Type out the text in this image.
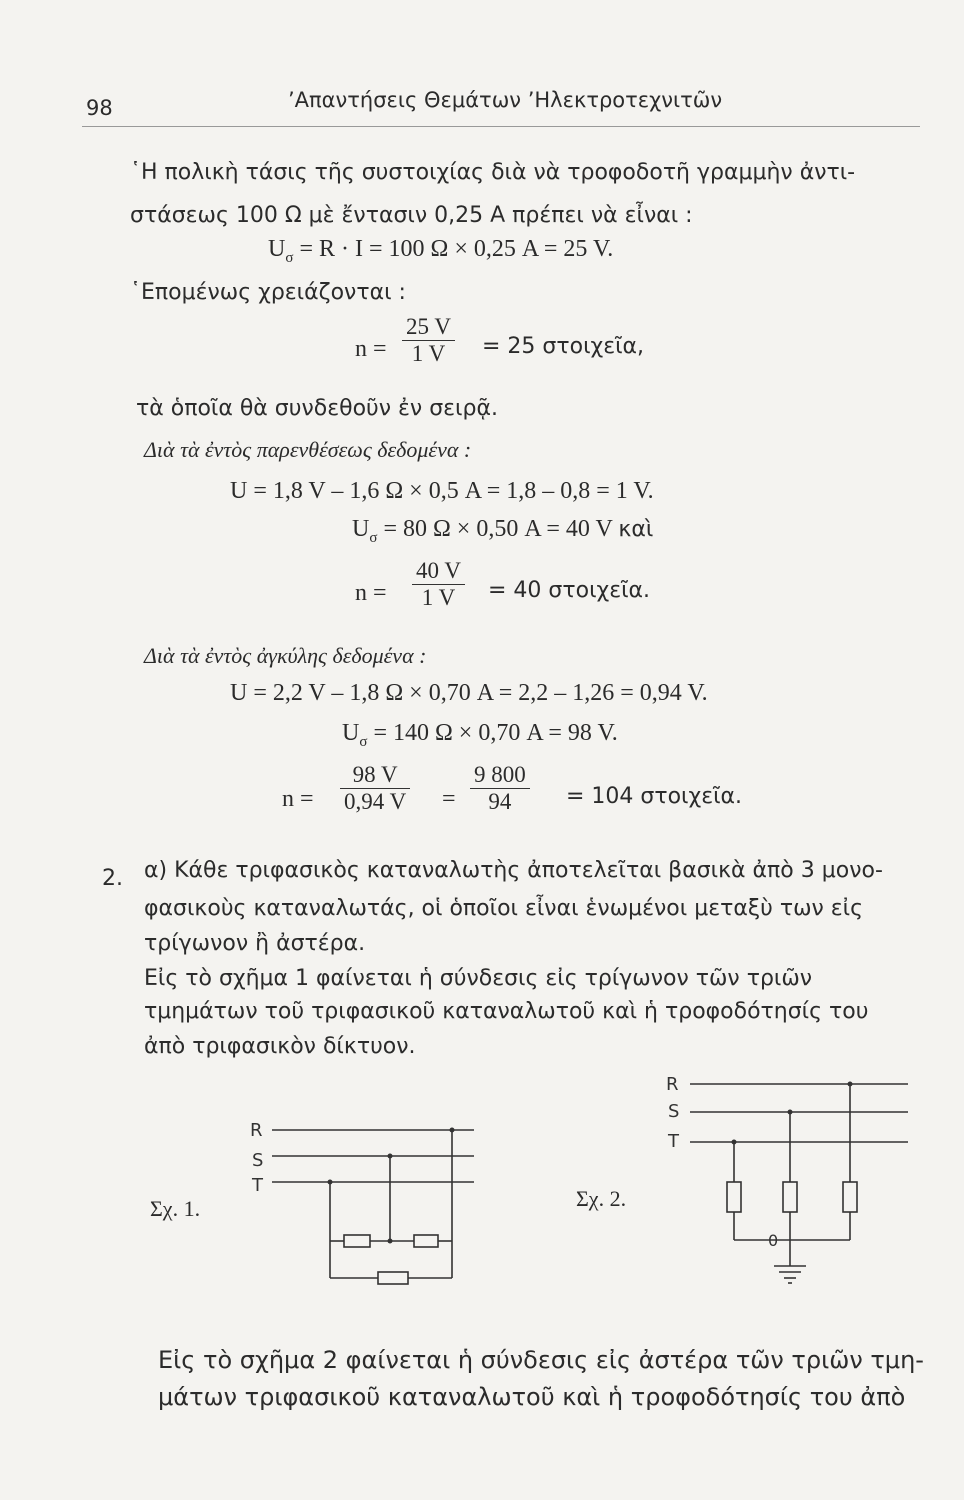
98	’Απαντήσεις Θεμάτων ’Ηλεκτροτεχνιτῶν
῾Η πολικὴ τάσις τῆς συστοιχίας διὰ νὰ τροφοδοτῆ γραμμὴν ἀντι-
στάσεως 100 Ω μὲ ἔντασιν 0,25 Α πρέπει νὰ εἶναι :
$U_\sigma = R \cdot I = 100$ Ω × 0,25 A = 25 V.
῾Επομένως χρειάζονται :
n =
25 V
1 V = 25 στοιχεῖα,
τὰ ὁποῖα θὰ συνδεθοῦν ἐν σειρᾷ.
Διὰ τὰ ἐντὸς παρενθέσεως δεδομένα :
U = 1,8 V – 1,6 Ω × 0,5 A = 1,8 – 0,8 = 1 V.
$U_\sigma = 80$ Ω × 0,50 A = 40 V καὶ
n =
40 V
1 V = 40 στοιχεῖα.
Διὰ τὰ ἐντὸς ἀγκύλης δεδομένα :
U = 2,2 V – 1,8 Ω × 0,70 A = 2,2 – 1,26 = 0,94 V.
$U_\sigma = 140$ Ω × 0,70 A = 98 V.
n =
98 V
0,94 V =
9 800
94 = 104 στοιχεῖα.
2. α) Κάθε τριφασικὸς καταναλωτὴς ἀποτελεῖται βασικὰ ἀπὸ 3 μονο-
φασικοὺς καταναλωτάς, οἱ ὁποῖοι εἶναι ἑνωμένοι μεταξὺ των εἰς
τρίγωνον ἢ ἀστέρα.
Εἰς τὸ σχῆμα 1 φαίνεται ἡ σύνδεσις εἰς τρίγωνον τῶν τριῶν
τμημάτων τοῦ τριφασικοῦ καταναλωτοῦ καὶ ἡ τροφοδότησίς του
ἀπὸ τριφασικὸν δίκτυον.
Σχ. 1.
R
S
T
Σχ. 2.
R
S
T
0
Εἰς τὸ σχῆμα 2 φαίνεται ἡ σύνδεσις εἰς ἀστέρα τῶν τριῶν τμη-
μάτων τριφασικοῦ καταναλωτοῦ καὶ ἡ τροφοδότησίς του ἀπὸ
